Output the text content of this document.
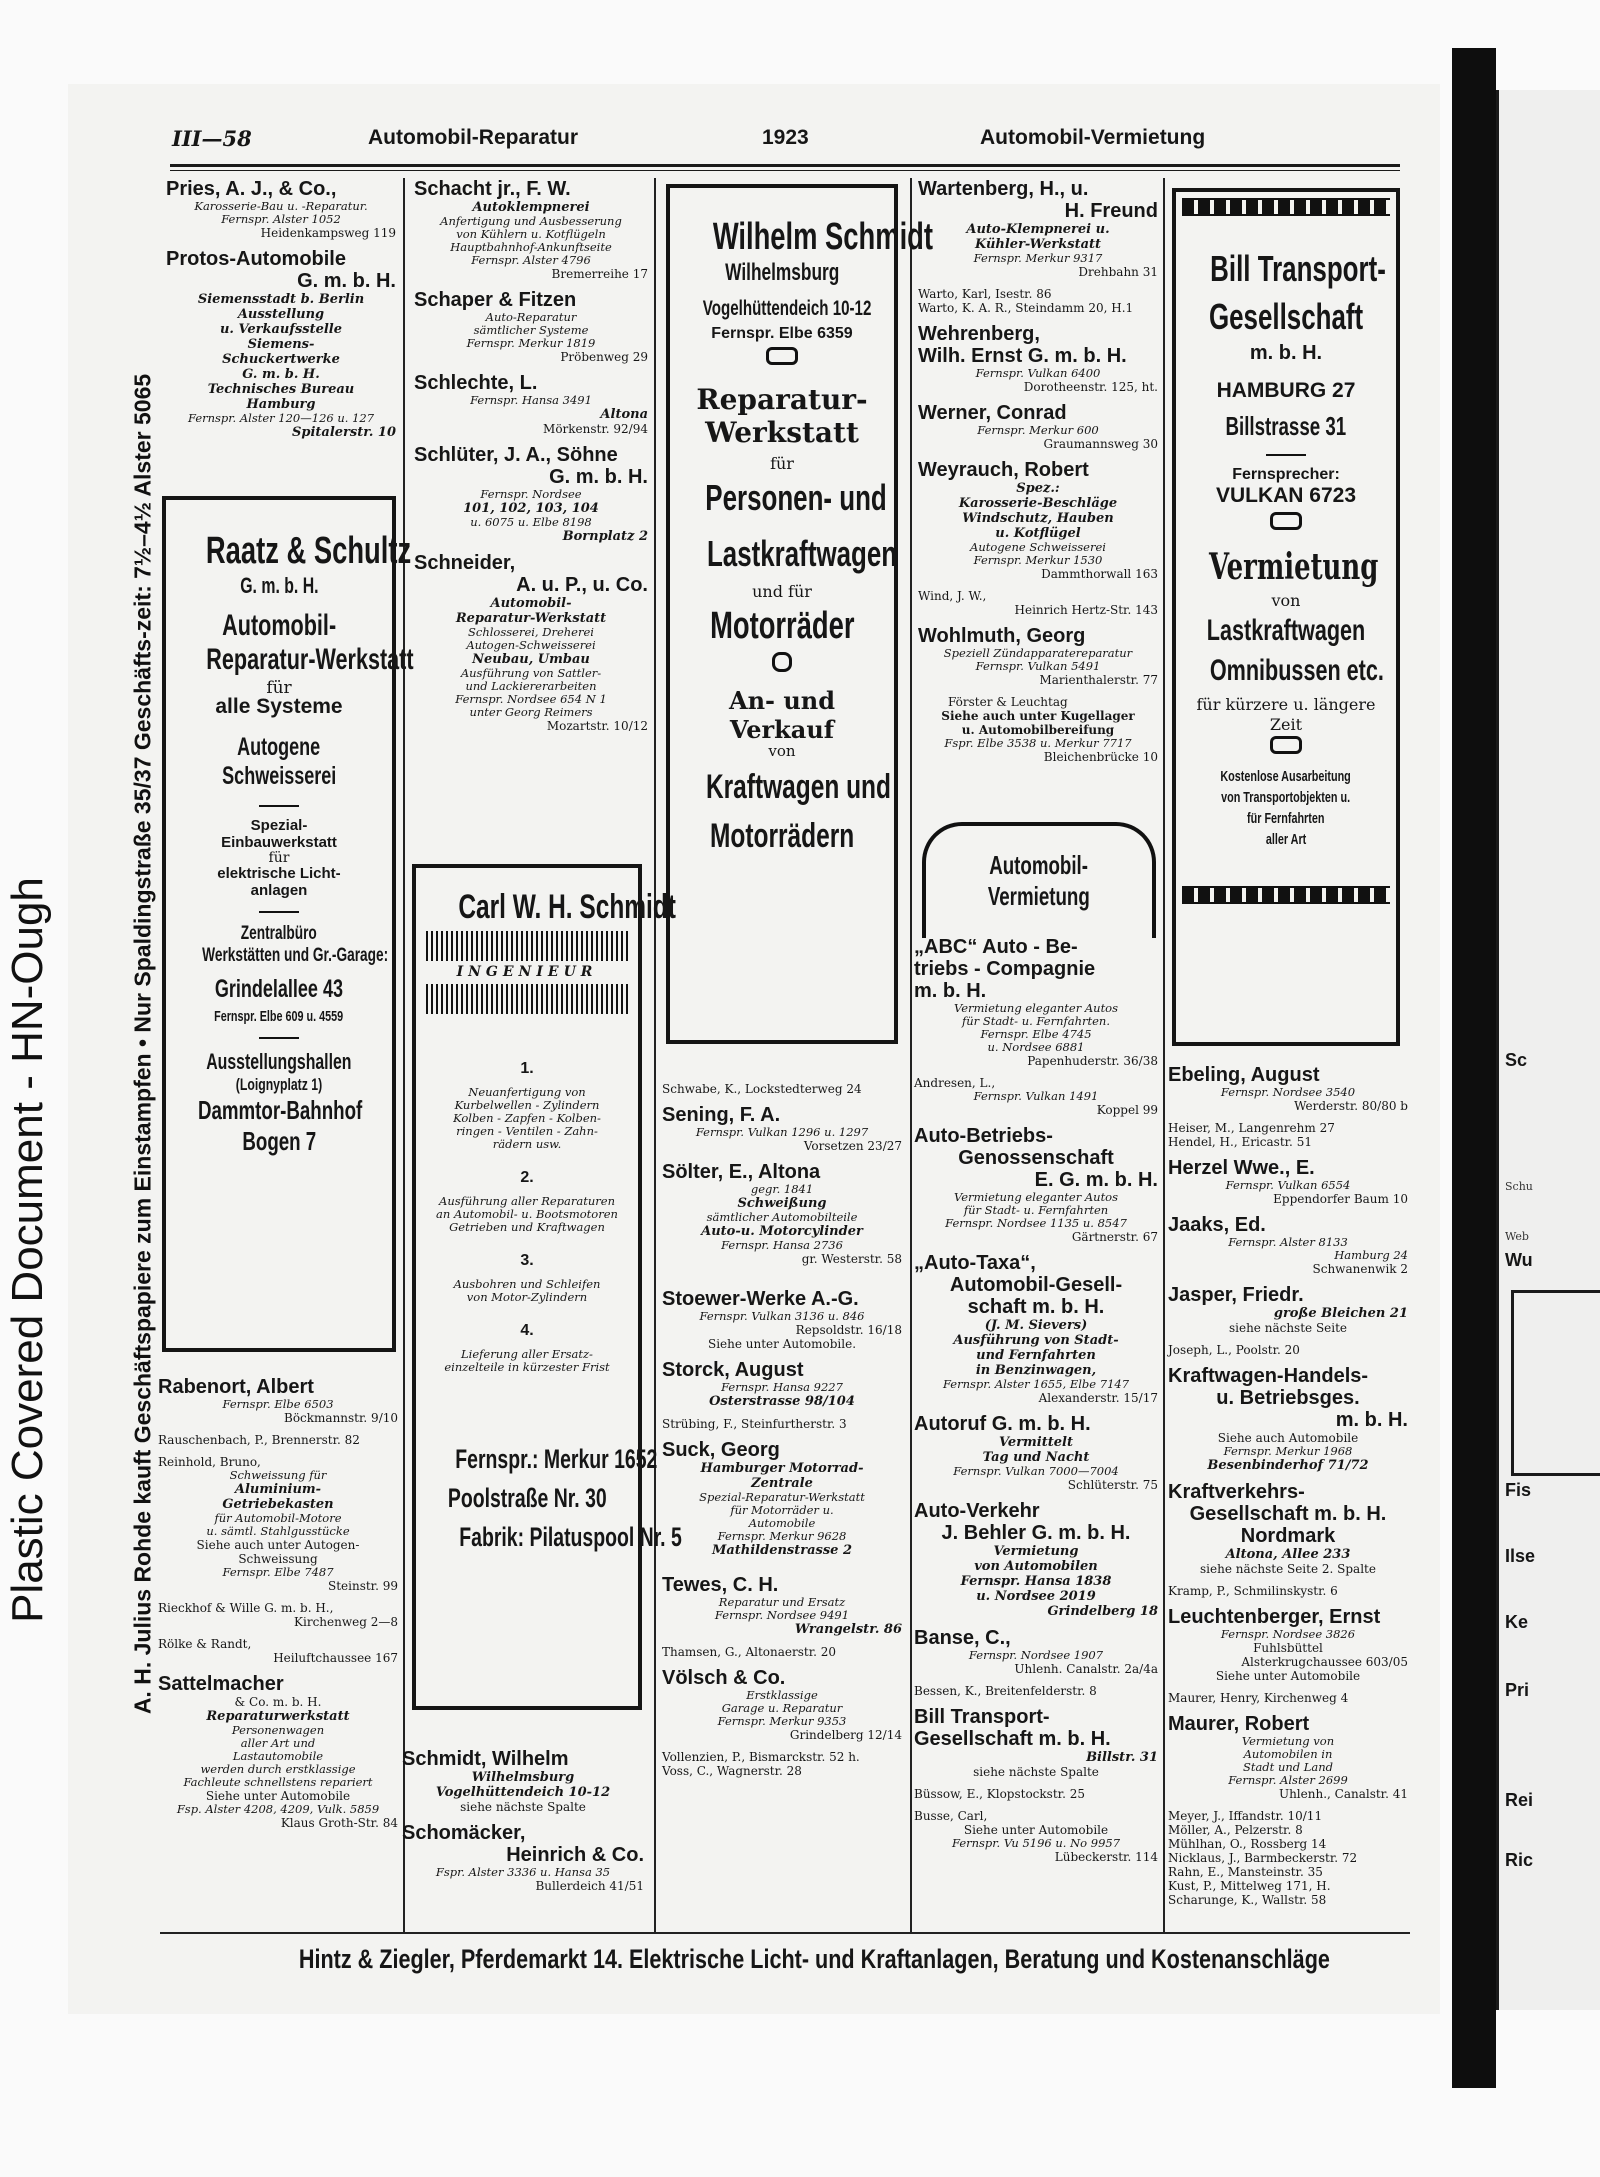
Sc
Schu
Web
Wu
Fis
Ilse
Ke
Pri
Rei
Ric
Plastic Covered Document - HN-Ough	A. H. Julius Rohde kauft Geschäftspapiere zum Einstampfen • Nur Spaldingstraße 35/37 Geschäfts-zeit: 7½–4½ Alster 5065
III—58	Automobil-Reparatur	1923	Automobil-Vermietung
Pries, A. J., & Co.,
Karosserie-Bau u. -Reparatur.
Fernspr. Alster 1052
Heidenkampsweg 119
Protos-Automobile
G. m. b. H.
Siemensstadt b. Berlin
Ausstellung
u. Verkaufsstelle
Siemens-
Schuckertwerke
G. m. b. H.
Technisches Bureau
Hamburg
Fernspr. Alster 120—126 u. 127
Spitalerstr. 10
Raatz & Schultz
G. m. b. H.
Automobil-
Reparatur-Werkstatt
für
alle Systeme
Autogene
Schweisserei
Spezial-
Einbauwerkstatt
für
elektrische Licht-
anlagen
Zentralbüro
Werkstätten und Gr.-Garage:
Grindelallee 43
Fernspr. Elbe 609 u. 4559
Ausstellungshallen
(Loignyplatz 1)
Dammtor-Bahnhof
Bogen 7
Rabenort, Albert
Fernspr. Elbe 6503
Böckmannstr. 9/10
Rauschenbach, P., Brennerstr. 82
Reinhold, Bruno,
Schweissung für
Aluminium-
Getriebekasten
für Automobil-Motore
u. sämtl. Stahlgusstücke
Siehe auch unter Autogen-
Schweissung
Fernspr. Elbe 7487
Steinstr. 99
Rieckhof & Wille G. m. b. H.,
Kirchenweg 2—8
Rölke & Randt,
Heiluftchaussee 167
Sattelmacher
& Co. m. b. H.
Reparaturwerkstatt
Personenwagen
aller Art und
Lastautomobile
werden durch erstklassige
Fachleute schnellstens repariert
Siehe unter Automobile
Fsp. Alster 4208, 4209, Vulk. 5859
Klaus Groth-Str. 84
Schacht jr., F. W.
Autoklempnerei
Anfertigung und Ausbesserung
von Kühlern u. Kotflügeln
Hauptbahnhof-Ankunftseite
Fernspr. Alster 4796
Bremerreihe 17
Schaper & Fitzen
Auto-Reparatur
sämtlicher Systeme
Fernspr. Merkur 1819
Pröbenweg 29
Schlechte, L.
Fernspr. Hansa 3491
Altona
Mörkenstr. 92/94
Schlüter, J. A., Söhne
G. m. b. H.
Fernspr. Nordsee
101, 102, 103, 104
u. 6075 u. Elbe 8198
Bornplatz 2
Schneider,
A. u. P., u. Co.
Automobil-
Reparatur-Werkstatt
Schlosserei, Dreherei
Autogen-Schweisserei
Neubau, Umbau
Ausführung von Sattler-
und Lackiererarbeiten
Fernspr. Nordsee 654 N 1
unter Georg Reimers
Mozartstr. 10/12
Carl W. H. Schmidt
INGENIEUR
1.
Neuanfertigung von
Kurbelwellen - Zylindern
Kolben - Zapfen - Kolben-
ringen - Ventilen - Zahn-
rädern usw.
2.
Ausführung aller Reparaturen
an Automobil- u. Bootsmotoren
Getrieben und Kraftwagen
3.
Ausbohren und Schleifen
von Motor-Zylindern
4.
Lieferung aller Ersatz-
einzelteile in kürzester Frist
Fernspr.: Merkur 1652
Poolstraße Nr. 30
Fabrik: Pilatuspool Nr. 5
Schmidt, Wilhelm
Wilhelmsburg
Vogelhüttendeich 10-12
siehe nächste Spalte
Schomäcker,
Heinrich & Co.
Fspr. Alster 3336 u. Hansa 35
Bullerdeich 41/51
Wilhelm Schmidt
Wilhelmsburg
Vogelhüttendeich 10-12
Fernspr. Elbe 6359
Reparatur-
Werkstatt
für
Personen- und
Lastkraftwagen
und für
Motorräder
An- und
Verkauf
von
Kraftwagen und
Motorrädern
Schwabe, K., Lockstedterweg 24
Sening, F. A.
Fernspr. Vulkan 1296 u. 1297
Vorsetzen 23/27
Sölter, E., Altona
gegr. 1841
Schweißung
sämtlicher Automobilteile
Auto-u. Motorcylinder
Fernspr. Hansa 2736
gr. Westerstr. 58
Stoewer-Werke A.-G.
Fernspr. Vulkan 3136 u. 846
Repsoldstr. 16/18
Siehe unter Automobile.
Storck, August
Fernspr. Hansa 9227
Osterstrasse 98/104
Strübing, F., Steinfurtherstr. 3
Suck, Georg
Hamburger Motorrad-
Zentrale
Spezial-Reparatur-Werkstatt
für Motorräder u.
Automobile
Fernspr. Merkur 9628
Mathildenstrasse 2
Tewes, C. H.
Reparatur und Ersatz
Fernspr. Nordsee 9491
Wrangelstr. 86
Thamsen, G., Altonaerstr. 20
Völsch & Co.
Erstklassige
Garage u. Reparatur
Fernspr. Merkur 9353
Grindelberg 12/14
Vollenzien, P., Bismarckstr. 52 h.
Voss, C., Wagnerstr. 28
Wartenberg, H., u.
H. Freund
Auto-Klempnerei u.
Kühler-Werkstatt
Fernspr. Merkur 9317
Drehbahn 31
Warto, Karl, Isestr. 86
Warto, K. A. R., Steindamm 20, H.1
Wehrenberg,
Wilh. Ernst G. m. b. H.
Fernspr. Vulkan 6400
Dorotheenstr. 125, ht.
Werner, Conrad
Fernspr. Merkur 600
Graumannsweg 30
Weyrauch, Robert
Spez.:
Karosserie-Beschläge
Windschutz, Hauben
u. Kotflügel
Autogene Schweisserei
Fernspr. Merkur 1530
Dammthorwall 163
Wind, J. W.,
Heinrich Hertz-Str. 143
Wohlmuth, Georg
Speziell Zündapparatereparatur
Fernspr. Vulkan 5491
Marienthalerstr. 77
Förster & Leuchtag
Siehe auch unter Kugellager
u. Automobilbereifung
Fspr. Elbe 3538 u. Merkur 7717
Bleichenbrücke 10
Automobil-
Vermietung
„ABC“ Auto - Be-
triebs - Compagnie
m. b. H.
Vermietung eleganter Autos
für Stadt- u. Fernfahrten.
Fernspr. Elbe 4745
u. Nordsee 6881
Papenhuderstr. 36/38
Andresen, L.,
Fernspr. Vulkan 1491
Koppel 99
Auto-Betriebs-
Genossenschaft
E. G. m. b. H.
Vermietung eleganter Autos
für Stadt- u. Fernfahrten
Fernspr. Nordsee 1135 u. 8547
Gärtnerstr. 67
„Auto-Taxa“,
Automobil-Gesell-
schaft m. b. H.
(J. M. Sievers)
Ausführung von Stadt-
und Fernfahrten
in Benzinwagen,
Fernspr. Alster 1655, Elbe 7147
Alexanderstr. 15/17
Autoruf G. m. b. H.
Vermittelt
Tag und Nacht
Fernspr. Vulkan 7000—7004
Schlüterstr. 75
Auto-Verkehr
J. Behler G. m. b. H.
Vermietung
von Automobilen
Fernspr. Hansa 1838
u. Nordsee 2019
Grindelberg 18
Banse, C.,
Fernspr. Nordsee 1907
Uhlenh. Canalstr. 2a/4a
Bessen, K., Breitenfelderstr. 8
Bill Transport-
Gesellschaft m. b. H.
Billstr. 31
siehe nächste Spalte
Büssow, E., Klopstockstr. 25
Busse, Carl,
Siehe unter Automobile
Fernspr. Vu 5196 u. No 9957
Lübeckerstr. 114
Bill Transport-
Gesellschaft
m. b. H.
HAMBURG 27
Billstrasse 31
Fernsprecher:
VULKAN 6723
Vermietung
von
Lastkraftwagen
Omnibussen etc.
für kürzere u. längere
Zeit
Kostenlose Ausarbeitung
von Transportobjekten u.
für Fernfahrten
aller Art
Ebeling, August
Fernspr. Nordsee 3540
Werderstr. 80/80 b
Heiser, M., Langenrehm 27
Hendel, H., Ericastr. 51
Herzel Wwe., E.
Fernspr. Vulkan 6554
Eppendorfer Baum 10
Jaaks, Ed.
Fernspr. Alster 8133
Hamburg 24
Schwanenwik 2
Jasper, Friedr.
große Bleichen 21
siehe nächste Seite
Joseph, L., Poolstr. 20
Kraftwagen-Handels-
u. Betriebsges.
m. b. H.
Siehe auch Automobile
Fernspr. Merkur 1968
Besenbinderhof 71/72
Kraftverkehrs-
Gesellschaft m. b. H.
Nordmark
Altona, Allee 233
siehe nächste Seite 2. Spalte
Kramp, P., Schmilinskystr. 6
Leuchtenberger, Ernst
Fernspr. Nordsee 3826
Fuhlsbüttel
Alsterkrugchaussee 603/05
Siehe unter Automobile
Maurer, Henry, Kirchenweg 4
Maurer, Robert
Vermietung von
Automobilen in
Stadt und Land
Fernspr. Alster 2699
Uhlenh., Canalstr. 41
Meyer, J., Iffandstr. 10/11
Möller, A., Pelzerstr. 8
Mühlhan, O., Rossberg 14
Nicklaus, J., Barmbeckerstr. 72
Rahn, E., Mansteinstr. 35
Kust, P., Mittelweg 171, H.
Scharunge, K., Wallstr. 58
Hintz & Ziegler, Pferdemarkt 14. Elektrische Licht- und Kraftanlagen, Beratung und Kostenanschläge
